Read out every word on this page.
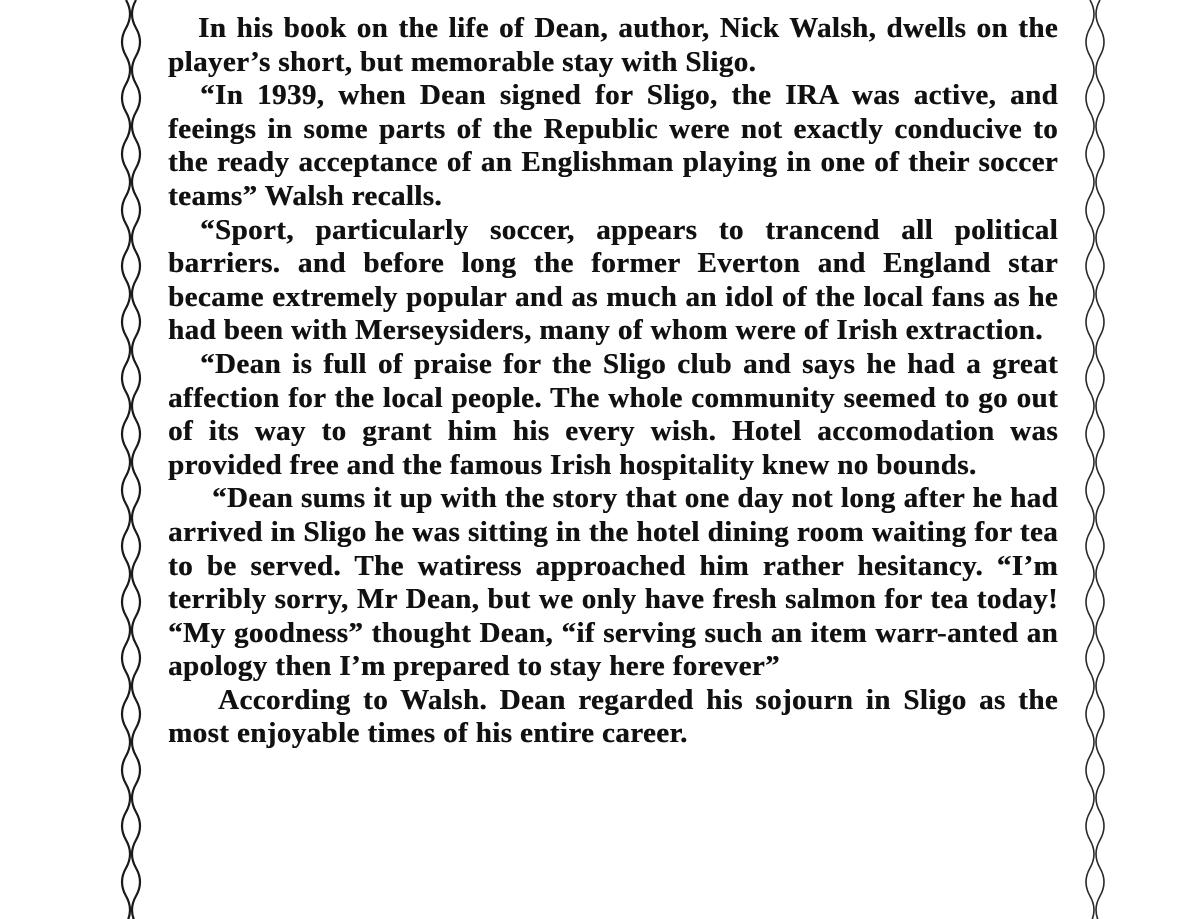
In his book on the life of Dean, author, Nick Walsh, dwells on the player’s short, but memorable stay with Sligo.

“In 1939, when Dean signed for Sligo, the IRA was active, and feeings in some parts of the Republic were not exactly conducive to the ready acceptance of an Englishman playing in one of their soccer teams” Walsh recalls.

“Sport, particularly soccer, appears to trancend all political barriers. and before long the former Everton and England star became extremely popular and as much an idol of the local fans as he had been with Merseysiders, many of whom were of Irish extraction.

“Dean is full of praise for the Sligo club and says he had a great affection for the local people. The whole community seemed to go out of its way to grant him his every wish. Hotel accomodation was provided free and the famous Irish hospitality knew no bounds.

“Dean sums it up with the story that one day not long after he had arrived in Sligo he was sitting in the hotel dining room waiting for tea to be served. The watiress approached him rather hesitancy. “I’m terribly sorry, Mr Dean, but we only have fresh salmon for tea today! “My goodness” thought Dean, “if serving such an item warr-anted an apology then I’m prepared to stay here forever”

According to Walsh. Dean regarded his sojourn in Sligo as the most enjoyable times of his entire career.
